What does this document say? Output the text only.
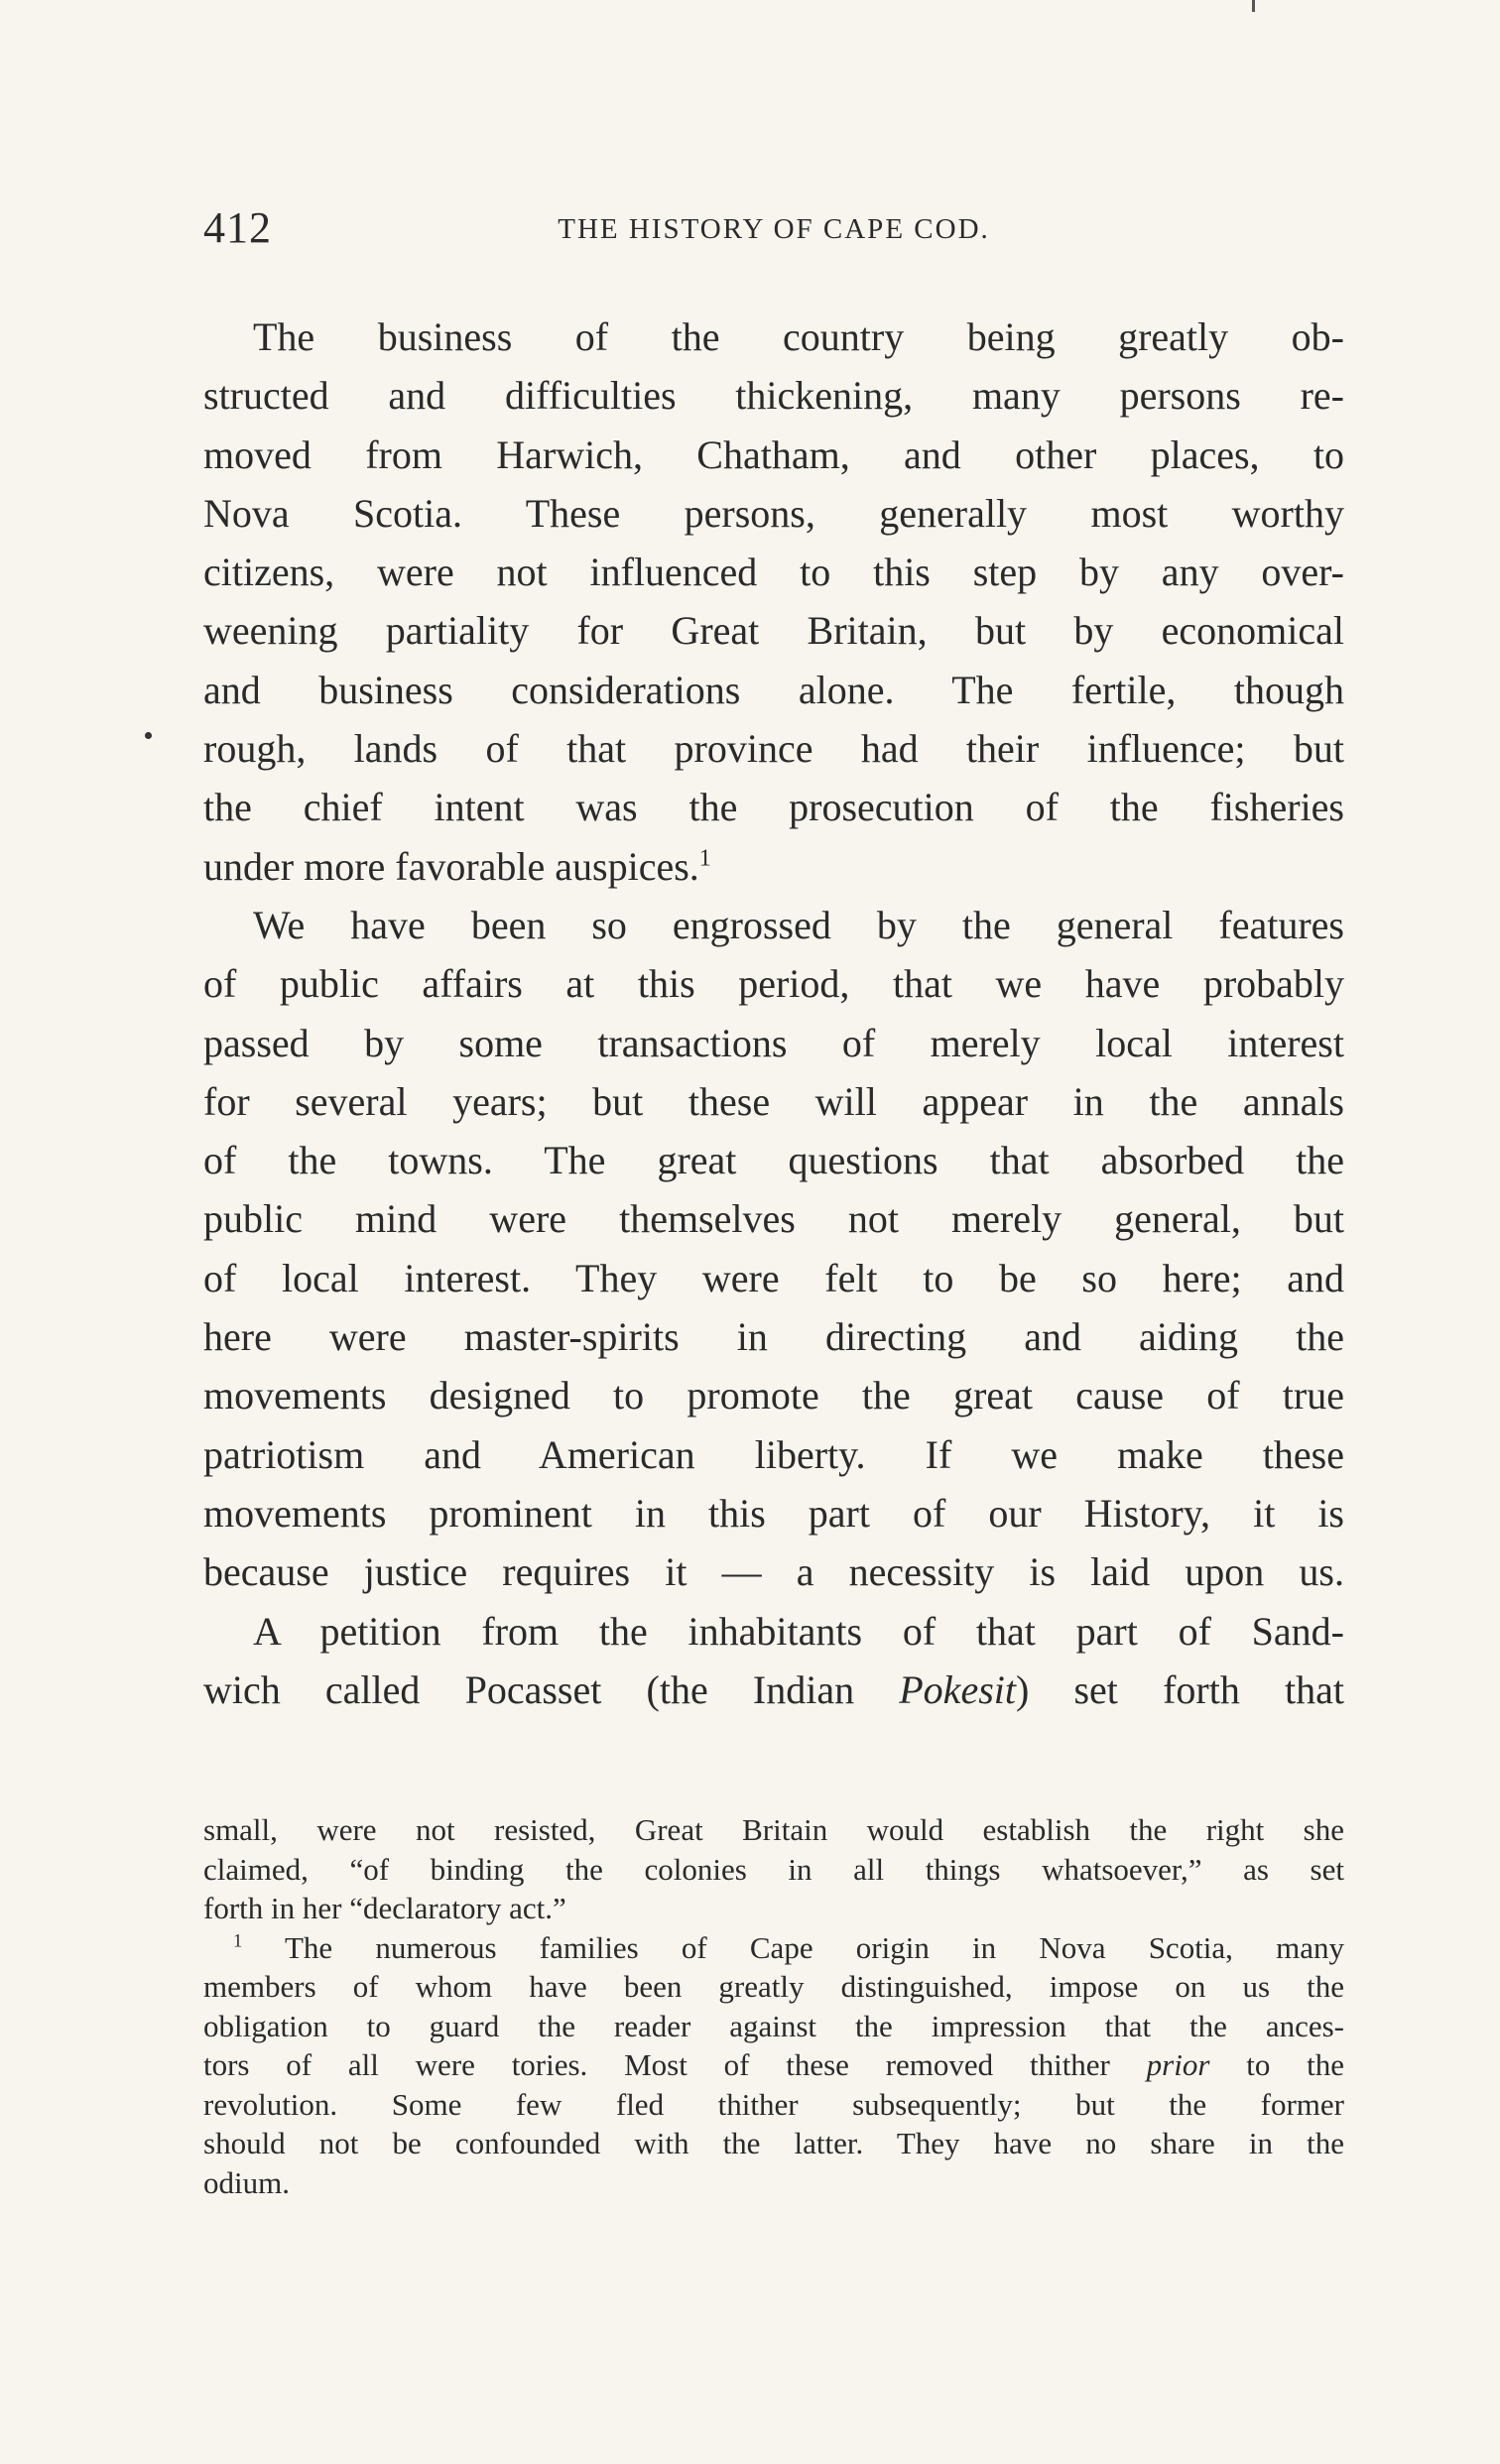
412	THE HISTORY OF CAPE COD.
The business of the country being greatly ob-
structed and difficulties thickening, many persons re-
moved from Harwich, Chatham, and other places, to
Nova Scotia. These persons, generally most worthy
citizens, were not influenced to this step by any over-
weening partiality for Great Britain, but by economical
and business considerations alone. The fertile, though
rough, lands of that province had their influence; but
the chief intent was the prosecution of the fisheries
under more favorable auspices.$^1$
We have been so engrossed by the general features
of public affairs at this period, that we have probably
passed by some transactions of merely local interest
for several years; but these will appear in the annals
of the towns. The great questions that absorbed the
public mind were themselves not merely general, but
of local interest. They were felt to be so here; and
here were master-spirits in directing and aiding the
movements designed to promote the great cause of true
patriotism and American liberty. If we make these
movements prominent in this part of our History, it is
because justice requires it — a necessity is laid upon us.
A petition from the inhabitants of that part of Sand-
wich called Pocasset (the Indian Pokesit) set forth that
small, were not resisted, Great Britain would establish the right she
claimed, “of binding the colonies in all things whatsoever,” as set
forth in her “declaratory act.”
$^1$ The numerous families of Cape origin in Nova Scotia, many
members of whom have been greatly distinguished, impose on us the
obligation to guard the reader against the impression that the ances-
tors of all were tories. Most of these removed thither prior to the
revolution. Some few fled thither subsequently; but the former
should not be confounded with the latter. They have no share in the
odium.
